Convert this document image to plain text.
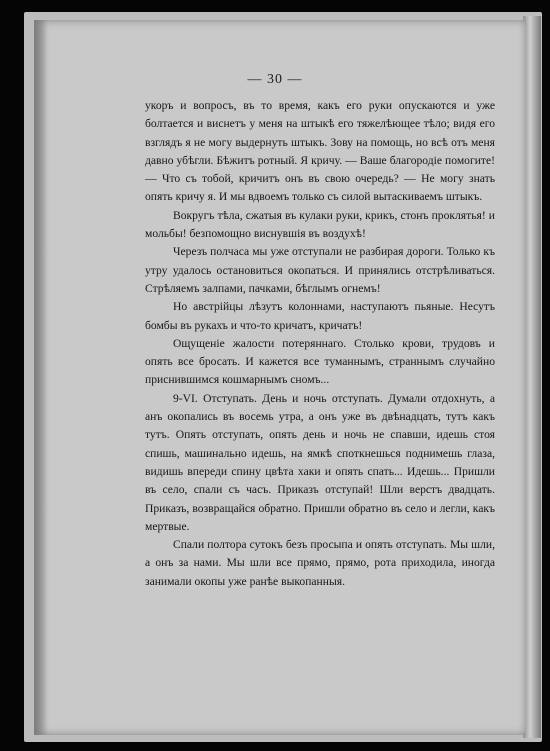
— 30 —

укоръ и вопросъ, въ то время, какъ его руки опускаются и уже болтается и виснетъ у меня на штыкѣ его тяжелѣющее тѣло; видя его взглядъ я не могу выдернуть штыкъ. Зову на помощь, но всѣ отъ меня давно убѣгли. Бѣжитъ ротный. Я кричу. — Ваше благородіе помогите! — Что съ тобой, кричитъ онъ въ свою очередь? — Не могу знать опять кричу я. И мы вдвоемъ только съ силой вытаскиваемъ штыкъ.

Вокругъ тѣла, сжатыя въ кулаки руки, крикъ, стонъ проклятья! и мольбы! безпомощно виснувшія въ воздухѣ!

Черезъ полчаса мы уже отступали не разбирая дороги. Только къ утру удалось остановиться окопаться. И принялись отстрѣливаться. Стрѣляемъ залпами, пачками, бѣглымъ огнемъ!

Но австрійцы лѣзутъ колоннами, наступаютъ пьяные. Несутъ бомбы въ рукахъ и что-то кричатъ, кричатъ!

Ощущеніе жалости потеряннаго. Столько крови, трудовъ и опять все бросать. И кажется все туманнымъ, страннымъ случайно приснившимся кошмарнымъ сномъ...

9-VI. Отступать. День и ночь отступать. Думали отдохнуть, а анъ окопались въ восемь утра, а онъ уже въ двѣнадцать, тутъ какъ тутъ. Опять отступать, опять день и ночь не спавши, идешь стоя спишь, машинально идешь, на ямкѣ споткнешься поднимешь глаза, видишь впереди спину цвѣта хаки и опять спать... Идешь... Пришли въ село, спали съ часъ. Приказъ отступай! Шли верстъ двадцать. Приказъ, возвращайся обратно. Пришли обратно въ село и легли, какъ мертвые.

Спали полтора сутокъ безъ просыпа и опять отступать. Мы шли, а онъ за нами. Мы шли все прямо, прямо, рота приходила, иногда занимали окопы уже ранѣе выкопанныя.
